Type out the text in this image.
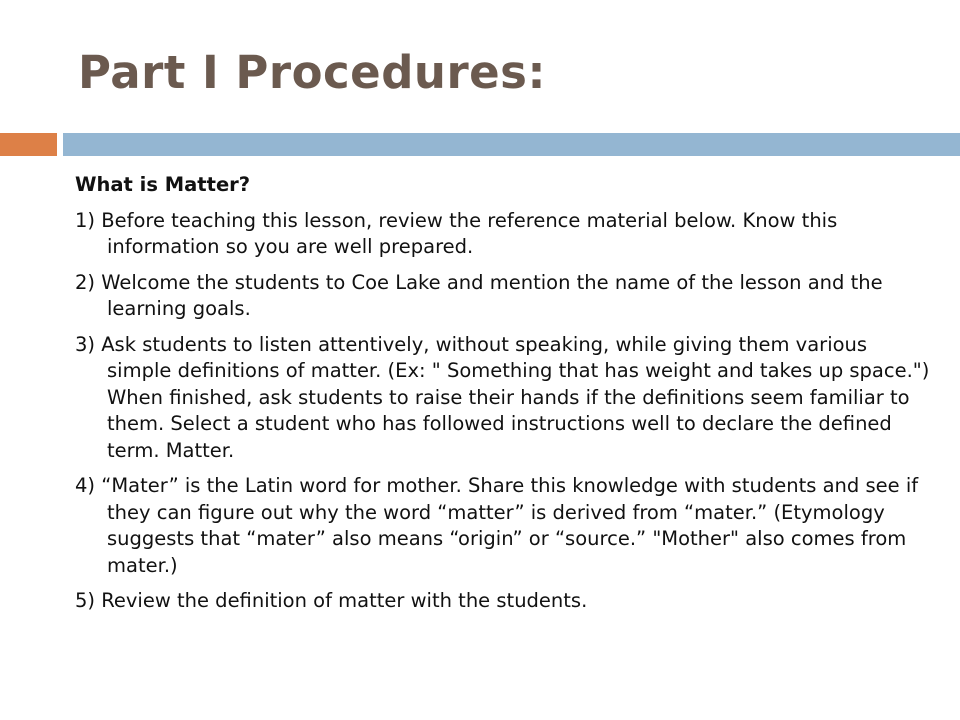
Part I Procedures:
What is Matter?
1) Before teaching this lesson, review the reference material below. Know this information so you are well prepared.
2) Welcome the students to Coe Lake and mention the name of the lesson and the learning goals.
3) Ask students to listen attentively, without speaking, while giving them various simple definitions of matter. (Ex: " Something that has weight and takes up space.") When finished, ask students to raise their hands if the definitions seem familiar to them. Select a student who has followed instructions well to declare the defined term. Matter.
4) “Mater” is the Latin word for mother. Share this knowledge with students and see if they can figure out why the word “matter” is derived from “mater.” (Etymology suggests that “mater” also means “origin” or “source.” "Mother" also comes from mater.)
5) Review the definition of matter with the students.
